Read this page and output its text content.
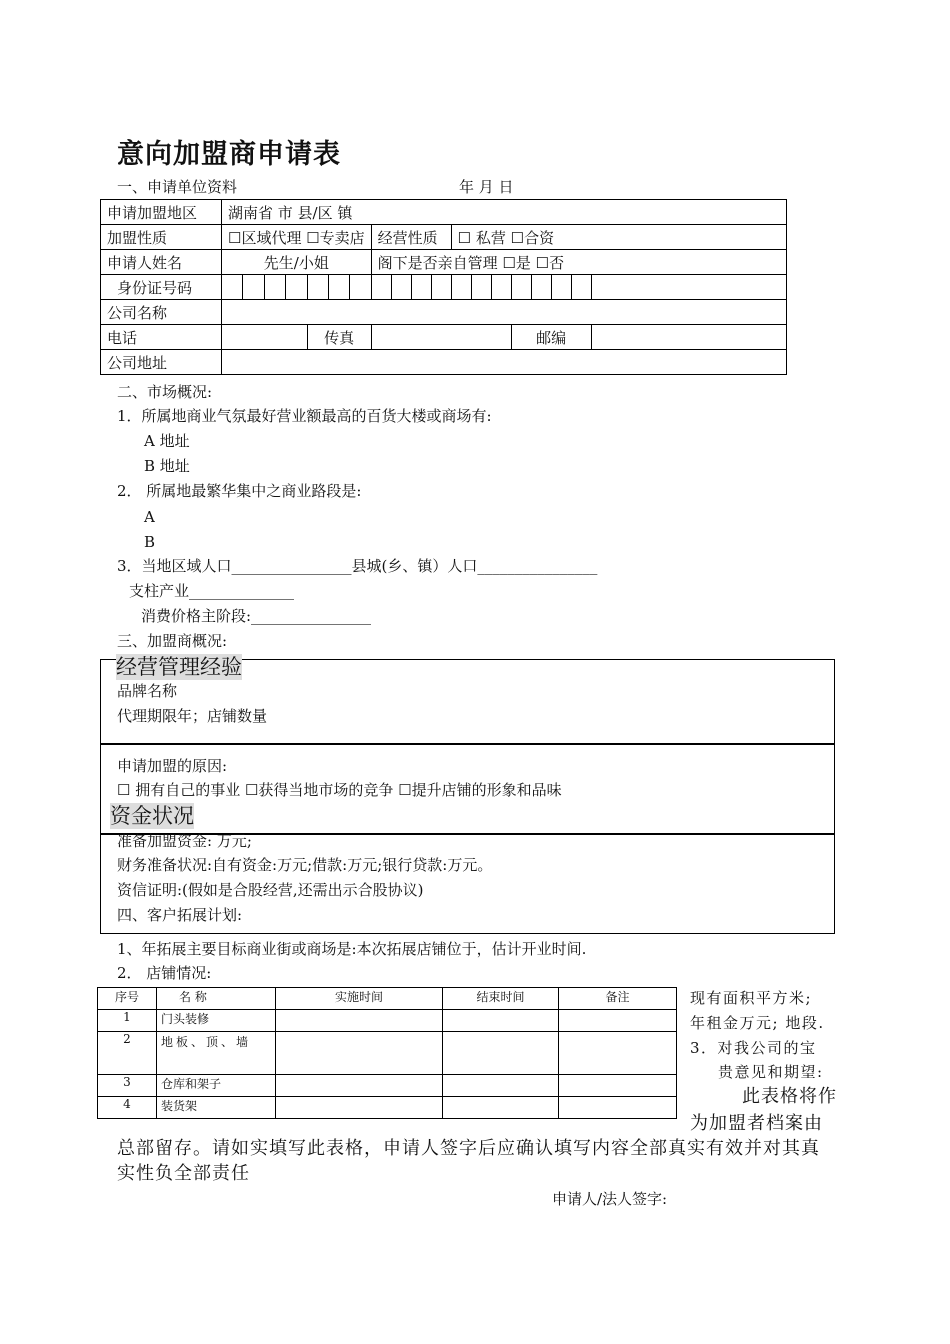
意向加盟商申请表
一、申请单位资料	年 月 日
申请加盟地区	湖南省 市 县/区 镇																		
加盟性质	☐区域代理 ☐专卖店							经营性质				☐ 私营 ☐合资							
申请人姓名	先生/小姐							阁下是否亲自管理 ☐是 ☐否											
身份证号码																			
公司名称																			
电话					传真										邮编				
公司地址																			
二、市场概况:
1．所属地商业气氛最好营业额最高的百货大楼或商场有:
A 地址
B 地址
2． 所属地最繁华集中之商业路段是:
A
B
3．当地区域人口________________县城(乡、镇）人口________________
支柱产业______________
消费价格主阶段:________________
三、加盟商概况:
经营管理经验
品牌名称
代理期限年；店铺数量
申请加盟的原因:
☐ 拥有自己的事业 ☐获得当地市场的竞争 ☐提升店铺的形象和品味
资金状况
准备加盟资金: 万元;
财务准备状况:自有资金:万元;借款:万元;银行贷款:万元。
资信证明:(假如是合股经营,还需出示合股协议)
四、客户拓展计划:
1、年拓展主要目标商业街或商场是:本次拓展店铺位于，估计开业时间.
2． 店铺情况:
序号	名 称	实施时间	结束时间	备注
1	门头装修			
2	地板、顶、墙			
3	仓库和架子			
4	装货架			
现有面积平方米;
年租金万元; 地段.
3．对我公司的宝
贵意见和期望:
此表格将作
为加盟者档案由
总部留存。请如实填写此表格，申请人签字后应确认填写内容全部真实有效并对其真
实性负全部责任
申请人/法人签字:
